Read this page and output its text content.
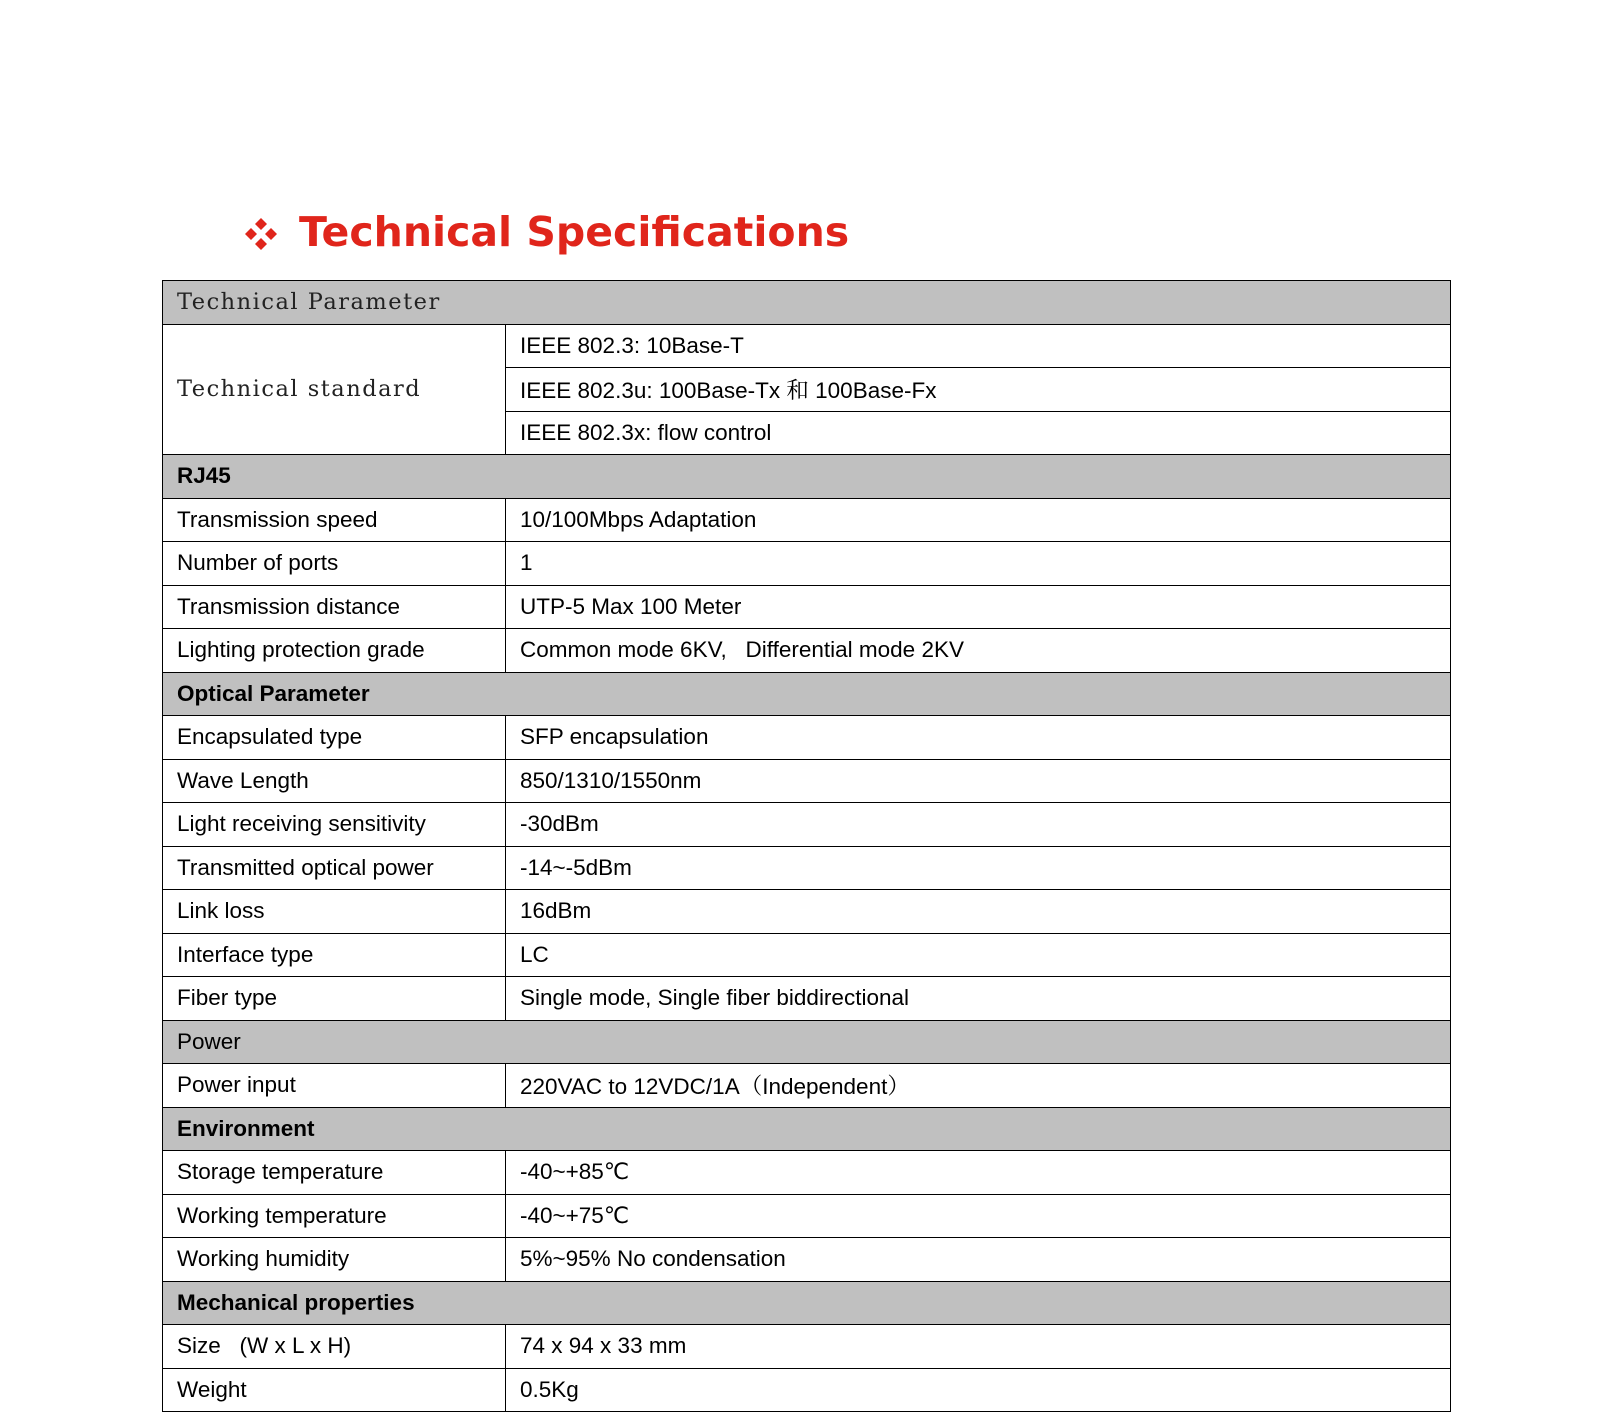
Technical Specifications
Technical Parameter	
Technical standard	IEEE 802.3: 10Base-T
	IEEE 802.3u: 100Base-Tx 和 100Base-Fx
	IEEE 802.3x: flow control
RJ45	
Transmission speed	10/100Mbps Adaptation
Number of ports	1
Transmission distance	UTP-5 Max 100 Meter
Lighting protection grade	Common mode 6KV,   Differential mode 2KV
Optical Parameter	
Encapsulated type	SFP encapsulation
Wave Length	850/1310/1550nm
Light receiving sensitivity	-30dBm
Transmitted optical power	-14~-5dBm
Link loss	16dBm
Interface type	LC
Fiber type	Single mode, Single fiber biddirectional
Power	
Power input	220VAC to 12VDC/1A（Independent）
Environment	
Storage temperature	-40~+85℃
Working temperature	-40~+75℃
Working humidity	5%~95% No condensation
Mechanical properties	
Size   (W x L x H)	74 x 94 x 33 mm
Weight	0.5Kg
